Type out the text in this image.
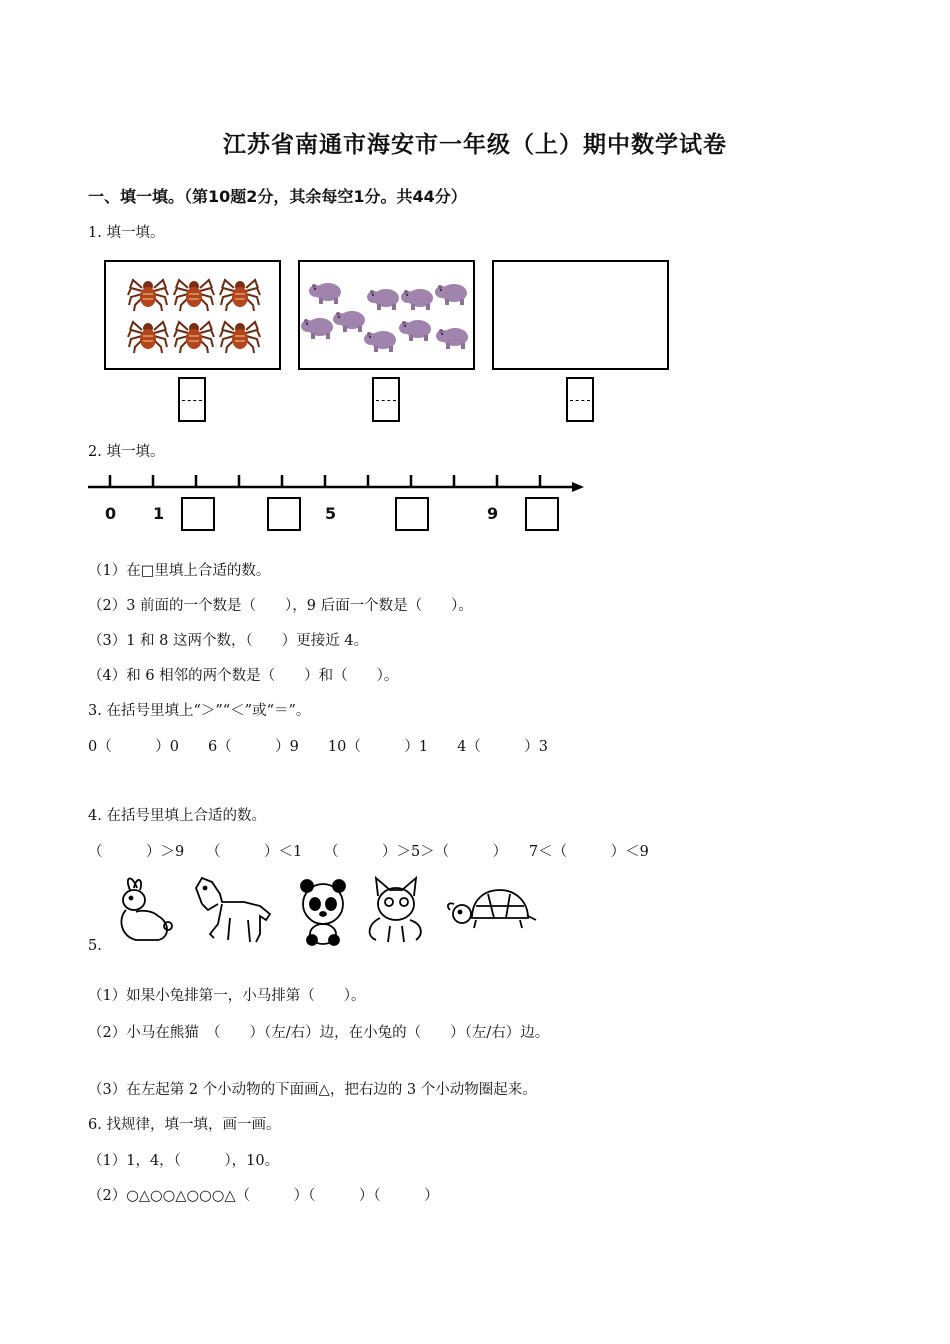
江苏省南通市海安市一年级（上）期中数学试卷
一、填一填。（第10题2分，其余每空1分。共44分）
1. 填一填。
2. 填一填。
0 1	5	9
（1）在□里填上合适的数。
（2）3 前面的一个数是（　　），9 后面一个数是（　　）。
（3）1 和 8 这两个数，（　　）更接近 4。
（4）和 6 相邻的两个数是（　　）和（　　）。
3. 在括号里填上“＞”“＜”或“＝”。
0（　　　）0　　6（　　　）9　　10（　　　）1　　4（　　　）3
4. 在括号里填上合适的数。
（　　　）＞9　　（　　　）＜1　　（　　　）＞5＞（　　　）　　7＜（　　　）＜9
5.
（1）如果小兔排第一，小马排第（　　）。
（2）小马在熊猫　（　　）（左/右）边，在小兔的（　　）（左/右）边。
（3）在左起第 2 个小动物的下面画△，把右边的 3 个小动物圈起来。
6. 找规律，填一填，画一画。
（1）1，4，（　　　），10。
（2）○△○○△○○○△（　　　）（　　　）（　　　）
